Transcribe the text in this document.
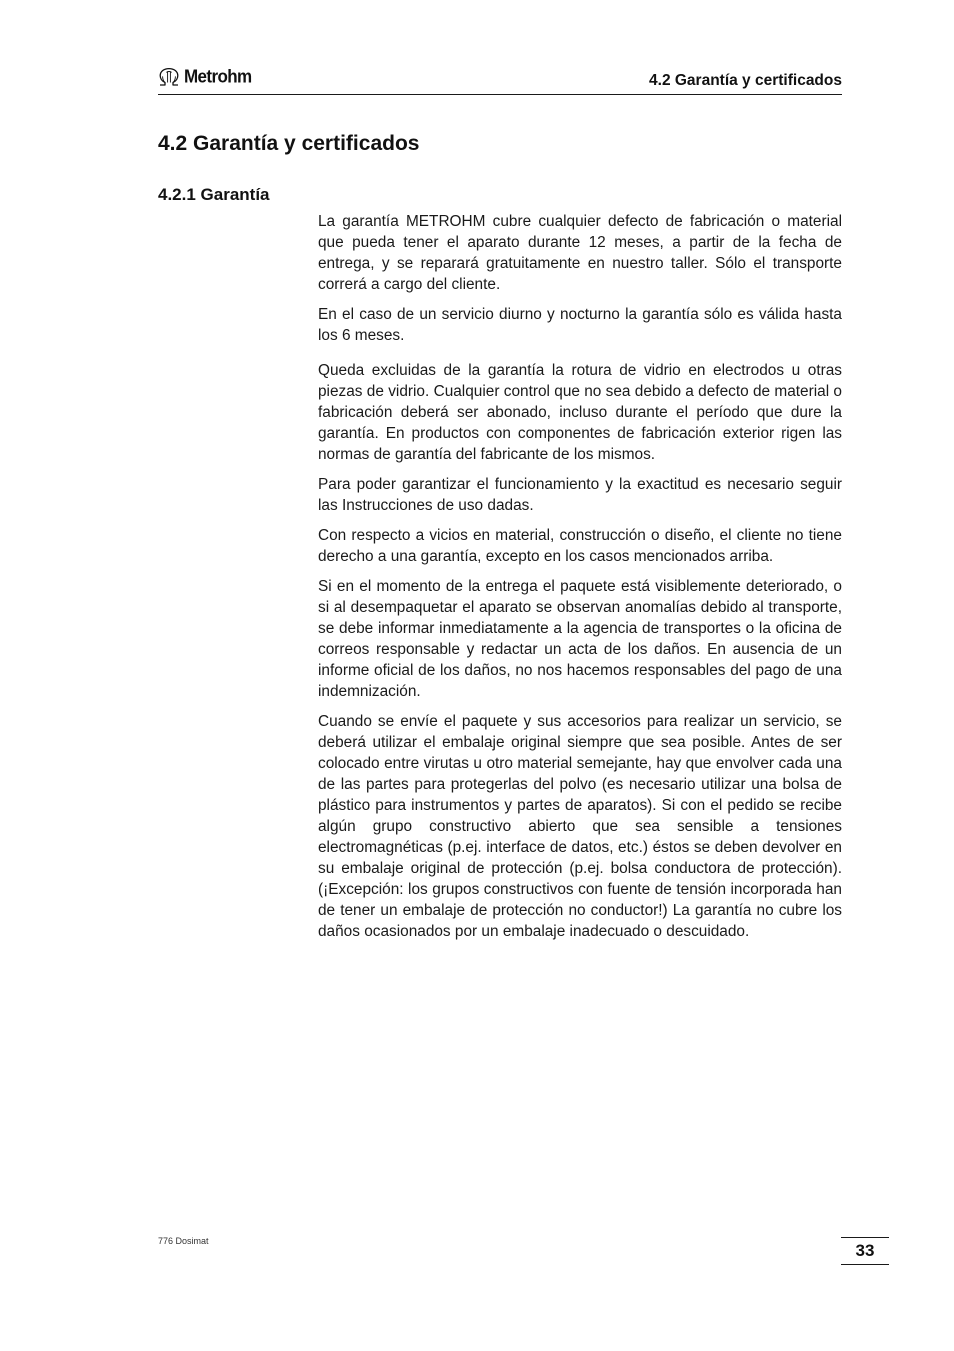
Metrohm	4.2 Garantía y certificados
4.2 Garantía y certificados
4.2.1 Garantía

La garantía METROHM cubre cualquier defecto de fabricación o material que pueda tener el aparato durante 12 meses, a partir de la fecha de entrega, y se reparará gratuitamente en nuestro taller. Sólo el transporte correrá a cargo del cliente.

En el caso de un servicio diurno y nocturno la garantía sólo es válida hasta los 6 meses.

Queda excluidas de la garantía la rotura de vidrio en electrodos u otras piezas de vidrio. Cualquier control que no sea debido a defecto de material o fabricación deberá ser abonado, incluso durante el período que dure la garantía. En productos con componentes de fabricación exterior rigen las normas de garantía del fabricante de los mismos.

Para poder garantizar el funcionamiento y la exactitud es necesario seguir las Instrucciones de uso dadas.

Con respecto a vicios en material, construcción o diseño, el cliente no tiene derecho a una garantía, excepto en los casos mencionados arriba.

Si en el momento de la entrega el paquete está visiblemente deteriorado, o si al desempaquetar el aparato se observan anomalías debido al transporte, se debe informar inmediatamente a la agencia de transportes o la oficina de correos responsable y redactar un acta de los daños. En ausencia de un informe oficial de los daños, no nos hacemos responsables del pago de una indemnización.

Cuando se envíe el paquete y sus accesorios para realizar un servicio, se deberá utilizar el embalaje original siempre que sea posible. Antes de ser colocado entre virutas u otro material semejante, hay que envolver cada una de las partes para protegerlas del polvo (es necesario utilizar una bolsa de plástico para instrumentos y partes de aparatos). Si con el pedido se recibe algún grupo constructivo abierto que sea sensible a tensiones electromagnéticas (p.ej. interface de datos, etc.) éstos se deben devolver en su embalaje original de protección (p.ej. bolsa conductora de protección). (¡Excepción: los grupos constructivos con fuente de tensión incorporada han de tener un embalaje de protección no conductor!) La garantía no cubre los daños ocasionados por un embalaje inadecuado o descuidado.

776 Dosimat	33
